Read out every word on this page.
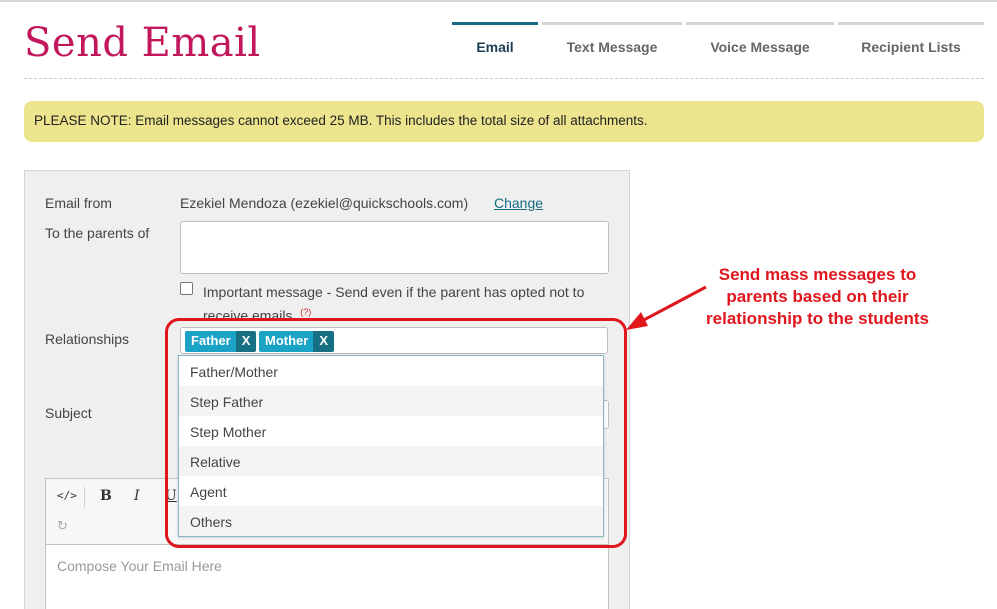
Send Email	Email	Text Message	Voice Message	Recipient Lists
PLEASE NOTE: Email messages cannot exceed 25 MB. This includes the total size of all attachments.
Email from	Ezekiel Mendoza (ezekiel@quickschools.com) Change
To the parents of
Important message - Send even if the parent has opted not to receive emails. (?)
Relationships	Father X	Mother X
Subject
</> B I U
↻
Compose Your Email Here
Father/Mother
Step Father
Step Mother
Relative
Agent
Others
Send mass messages to
parents based on their
relationship to the students
